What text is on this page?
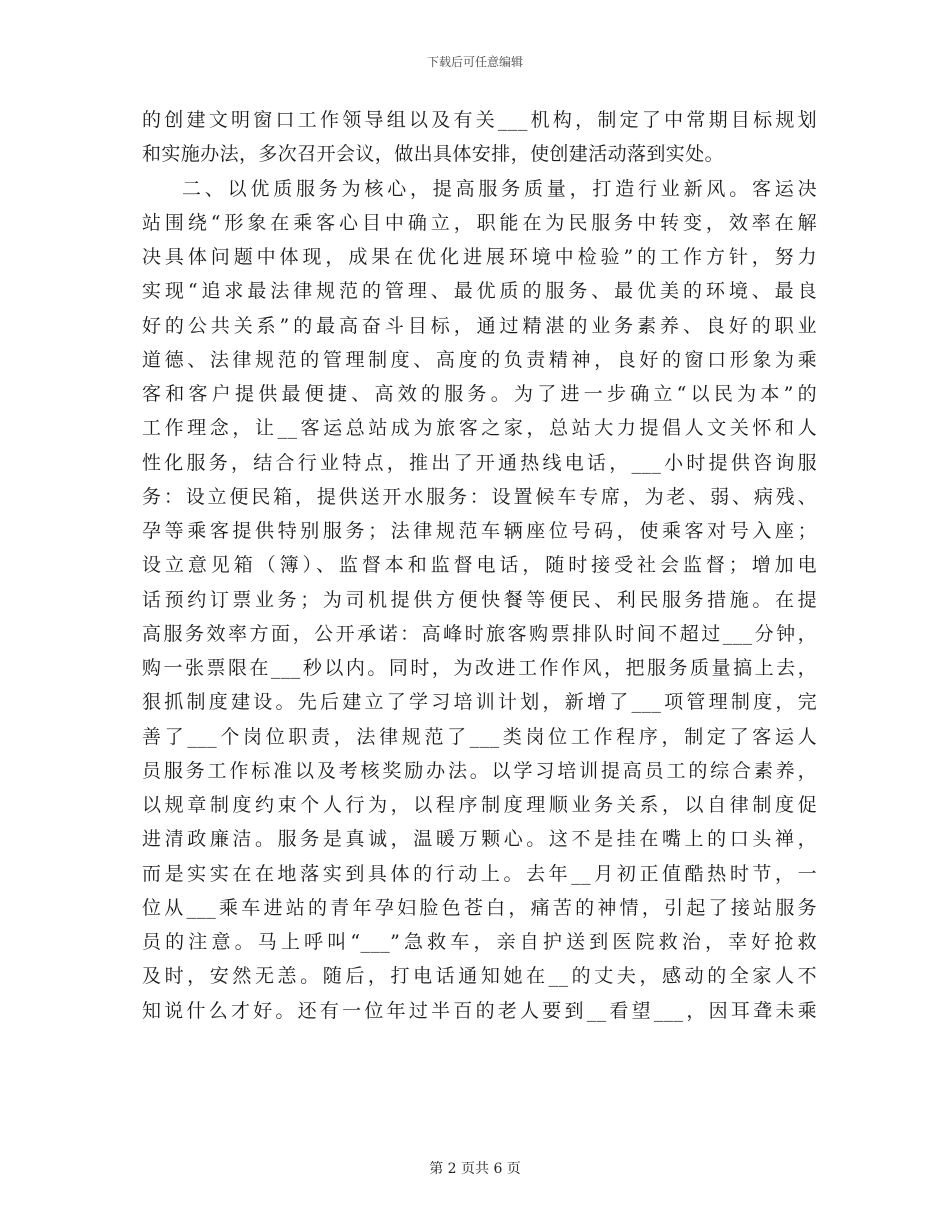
下载后可任意编辑
的创建文明窗口工作领导组以及有关___机构，制定了中常期目标规划
和实施办法，多次召开会议，做出具体安排，使创建活动落到实处。
二、以优质服务为核心，提高服务质量，打造行业新风。客运决
站围绕“形象在乘客心目中确立，职能在为民服务中转变，效率在解
决具体问题中体现，成果在优化进展环境中检验”的工作方针，努力
实现“追求最法律规范的管理、最优质的服务、最优美的环境、最良
好的公共关系”的最高奋斗目标，通过精湛的业务素养、良好的职业
道德、法律规范的管理制度、高度的负责精神，良好的窗口形象为乘
客和客户提供最便捷、高效的服务。为了进一步确立“以民为本”的
工作理念，让__客运总站成为旅客之家，总站大力提倡人文关怀和人
性化服务，结合行业特点，推出了开通热线电话，___小时提供咨询服
务：设立便民箱，提供送开水服务：设置候车专席，为老、弱、病残、
孕等乘客提供特别服务；法律规范车辆座位号码，使乘客对号入座；
设立意见箱（簿）、监督本和监督电话，随时接受社会监督；增加电
话预约订票业务；为司机提供方便快餐等便民、利民服务措施。在提
高服务效率方面，公开承诺：高峰时旅客购票排队时间不超过___分钟，
购一张票限在___秒以内。同时，为改进工作作风，把服务质量搞上去，
狠抓制度建设。先后建立了学习培训计划，新增了___项管理制度，完
善了___个岗位职责，法律规范了___类岗位工作程序，制定了客运人
员服务工作标准以及考核奖励办法。以学习培训提高员工的综合素养，
以规章制度约束个人行为，以程序制度理顺业务关系，以自律制度促
进清政廉洁。服务是真诚，温暖万颗心。这不是挂在嘴上的口头禅，
而是实实在在地落实到具体的行动上。去年__月初正值酷热时节，一
位从___乘车进站的青年孕妇脸色苍白，痛苦的神情，引起了接站服务
员的注意。马上呼叫“___”急救车，亲自护送到医院救治，幸好抢救
及时，安然无恙。随后，打电话通知她在__的丈夫，感动的全家人不
知说什么才好。还有一位年过半百的老人要到__看望___，因耳聋未乘
第 2 页共 6 页
